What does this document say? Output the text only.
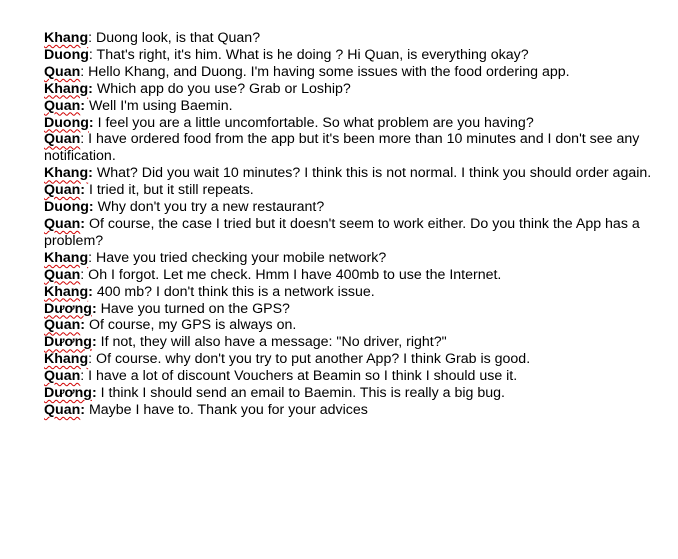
Khang: Duong look, is that Quan?

Duong: That's right, it's him. What is he doing ? Hi Quan, is everything okay?

Quan: Hello Khang, and Duong. I'm having some issues with the food ordering app.

Khang: Which app do you use? Grab or Loship?

Quan: Well I'm using Baemin.

Duong: I feel you are a little uncomfortable. So what problem are you having?

Quan: I have ordered food from the app but it's been more than 10 minutes and I don't see any notification.

Khang: What? Did you wait 10 minutes? I think this is not normal. I think you should order again.

Quan: I tried it, but it still repeats.

Duong: Why don't you try a new restaurant?

Quan: Of course, the case I tried but it doesn't seem to work either. Do you think the App has a problem?

Khang: Have you tried checking your mobile network?

Quan: Oh I forgot. Let me check. Hmm I have 400mb to use the Internet.

Khang: 400 mb? I don't think this is a network issue.

Dương: Have you turned on the GPS?

Quan: Of course, my GPS is always on.

Dương: If not, they will also have a message: "No driver, right?"

Khang: Of course. why don't you try to put another App? I think Grab is good.

Quan: I have a lot of discount Vouchers at Beamin so I think I should use it.

Dương: I think I should send an email to Baemin. This is really a big bug.

Quan: Maybe I have to. Thank you for your advices
